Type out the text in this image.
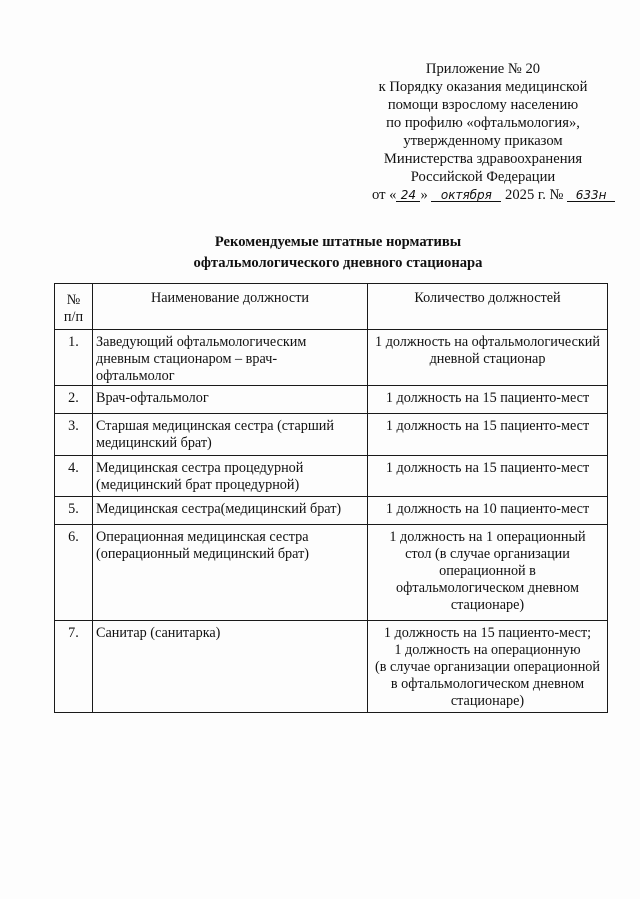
Приложение № 20
к Порядку оказания медицинской
помощи взрослому населению
по профилю «офтальмология»,
утвержденному приказом
Министерства здравоохранения
Российской Федерации
от « 24 » октября 2025 г. № 633н
Рекомендуемые штатные нормативы
офтальмологического дневного стационара
№
п/п	Наименование должности	Количество должностей
1.	Заведующий офтальмологическим
дневным стационаром – врач-
офтальмолог	1 должность на офтальмологический
дневной стационар

2.	Врач-офтальмолог	1 должность на 15 пациенто-мест

3.	Старшая медицинская сестра (старший
медицинский брат)	1 должность на 15 пациенто-мест

4.	Медицинская сестра процедурной
(медицинский брат процедурной)	1 должность на 15 пациенто-мест

5.	Медицинская сестра(медицинский брат)	1 должность на 10 пациенто-мест

6.	Операционная медицинская сестра
(операционный медицинский брат)	1 должность на 1 операционный
стол (в случае организации
операционной в
офтальмологическом дневном
стационаре)

7.	Санитар (санитарка)	1 должность на 15 пациенто-мест;
1 должность на операционную
(в случае организации операционной
в офтальмологическом дневном
стационаре)
